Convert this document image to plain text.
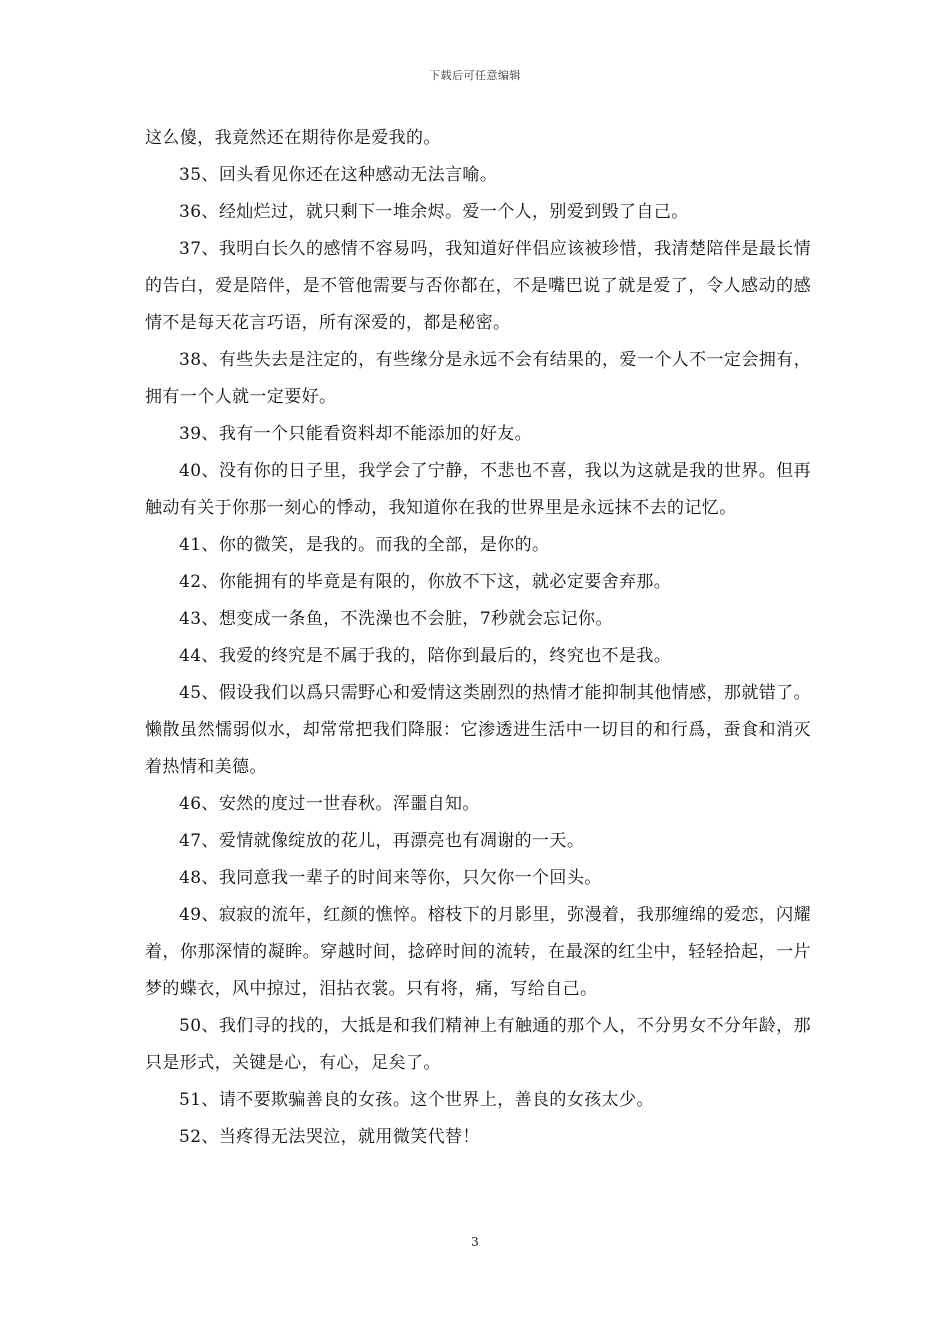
下载后可任意编辑

这么傻，我竟然还在期待你是爱我的。

35、回头看见你还在这种感动无法言喻。

36、经灿烂过，就只剩下一堆余烬。爱一个人，别爱到毁了自己。

37、我明白长久的感情不容易吗，我知道好伴侣应该被珍惜，我清楚陪伴是最长情的告白，爱是陪伴，是不管他需要与否你都在，不是嘴巴说了就是爱了，令人感动的感情不是每天花言巧语，所有深爱的，都是秘密。

38、有些失去是注定的，有些缘分是永远不会有结果的，爱一个人不一定会拥有，拥有一个人就一定要好。

39、我有一个只能看资料却不能添加的好友。

40、没有你的日子里，我学会了宁静，不悲也不喜，我以为这就是我的世界。但再触动有关于你那一刻心的悸动，我知道你在我的世界里是永远抹不去的记忆。

41、你的微笑，是我的。而我的全部，是你的。

42、你能拥有的毕竟是有限的，你放不下这，就必定要舍弃那。

43、想变成一条鱼，不洗澡也不会脏，7秒就会忘记你。

44、我爱的终究是不属于我的，陪你到最后的，终究也不是我。

45、假设我们以爲只需野心和爱情这类剧烈的热情才能抑制其他情感，那就错了。懒散虽然懦弱似水，却常常把我们降服：它渗透进生活中一切目的和行爲，蚕食和消灭着热情和美德。

46、安然的度过一世春秋。浑噩自知。

47、爱情就像绽放的花儿，再漂亮也有凋谢的一天。

48、我同意我一辈子的时间来等你，只欠你一个回头。

49、寂寂的流年，红颜的憔悴。榕枝下的月影里，弥漫着，我那缠绵的爱恋，闪耀着，你那深情的凝眸。穿越时间，捻碎时间的流转，在最深的红尘中，轻轻拾起，一片梦的蝶衣，风中掠过，泪拈衣裳。只有将，痛，写给自己。

50、我们寻的找的，大抵是和我们精神上有触通的那个人，不分男女不分年龄，那只是形式，关键是心，有心，足矣了。

51、请不要欺骗善良的女孩。这个世界上，善良的女孩太少。

52、当疼得无法哭泣，就用微笑代替！

3
